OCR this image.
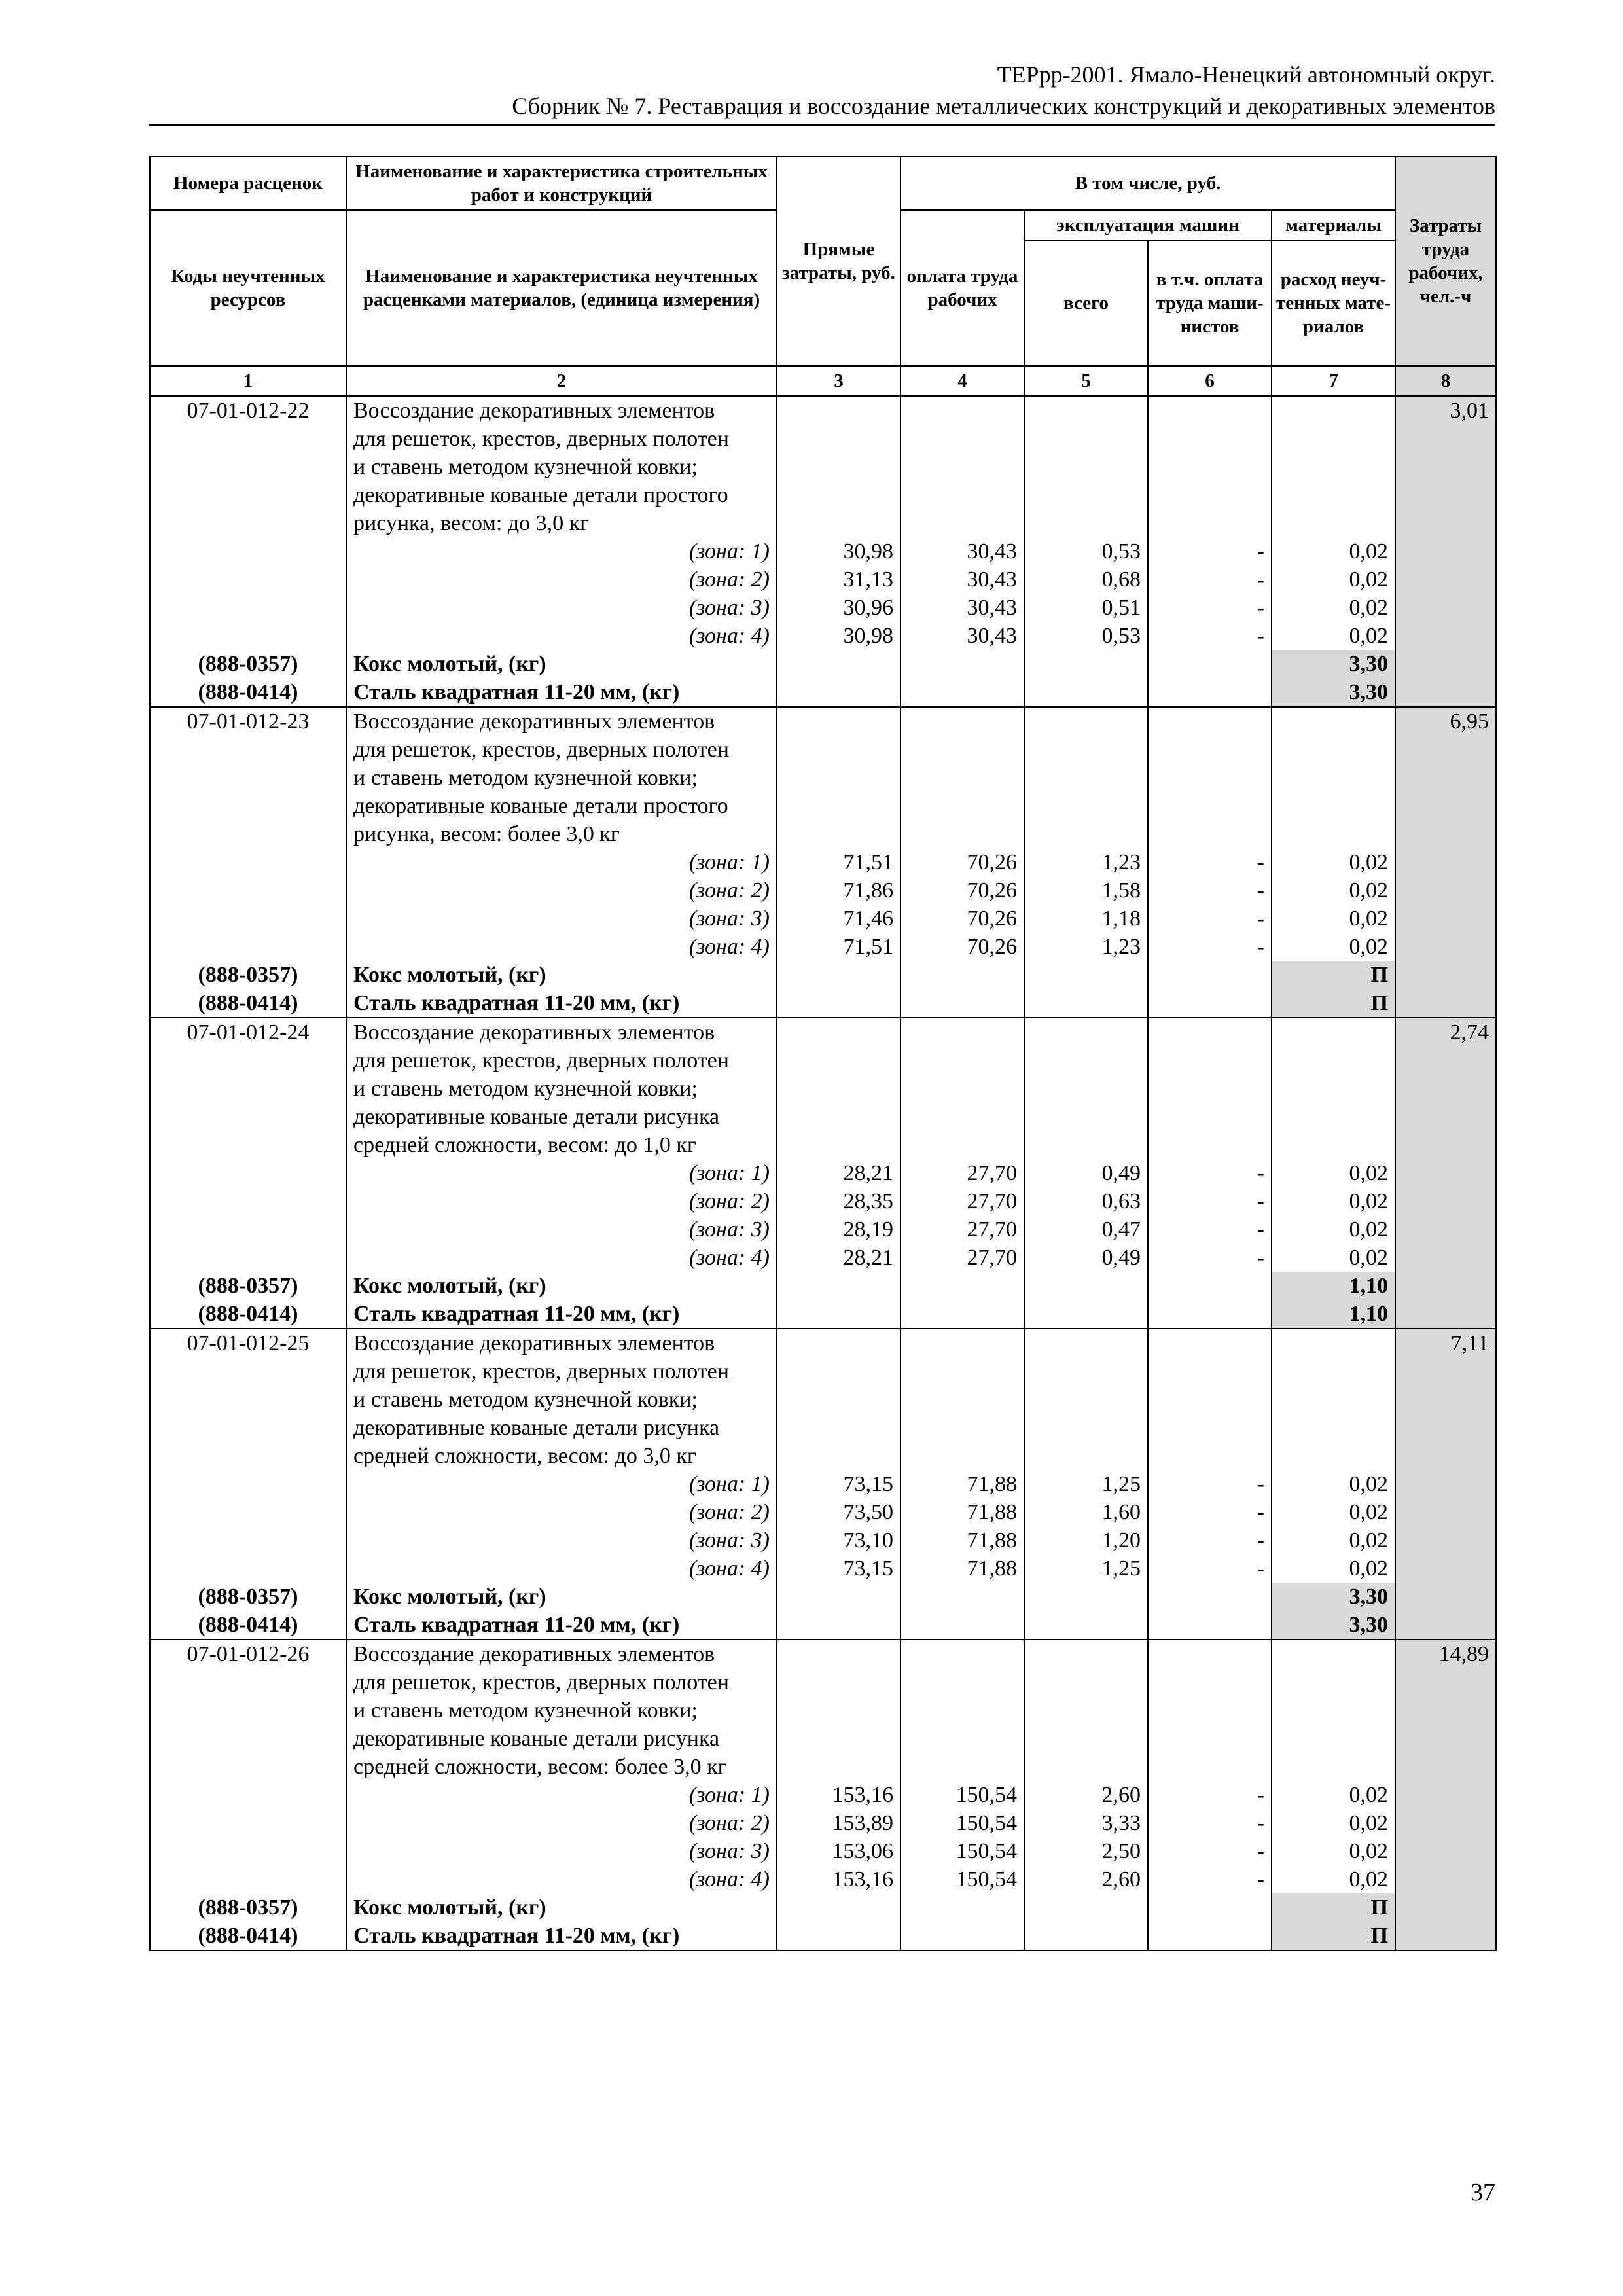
ТЕРрр-2001. Ямало-Ненецкий автономный округ.
Сборник № 7. Реставрация и воссоздание металлических конструкций и декоративных элементов
Номера расценок	Наименование и характеристика строительных работ и конструкций	Прямые затраты, руб.	В том числе, руб.				Затраты труда рабочих, чел.-ч
Коды неучтенных ресурсов	Наименование и характеристика неучтенных расценками материалов, (единица измерения)		оплата труда рабочих	эксплуатация машин		материалы	
				всего	в т.ч. оплата труда маши-нистов	расход неуч-тенных мате-риалов	
1	2	3	4	5	6	7	8
07-01-012-22	Воссоздание декоративных элементов						3,01
	для решеток, крестов, дверных полотен						
	и ставень методом кузнечной ковки;						
	декоративные кованые детали простого						
	рисунка, весом: до 3,0 кг						
	(зона: 1)	30,98	30,43	0,53	-	0,02	
	(зона: 2)	31,13	30,43	0,68	-	0,02	
	(зона: 3)	30,96	30,43	0,51	-	0,02	
	(зона: 4)	30,98	30,43	0,53	-	0,02	
(888-0357)	Кокс молотый, (кг)					3,30	
(888-0414)	Сталь квадратная 11-20 мм, (кг)					3,30	
07-01-012-23	Воссоздание декоративных элементов						6,95
	для решеток, крестов, дверных полотен						
	и ставень методом кузнечной ковки;						
	декоративные кованые детали простого						
	рисунка, весом: более 3,0 кг						
	(зона: 1)	71,51	70,26	1,23	-	0,02	
	(зона: 2)	71,86	70,26	1,58	-	0,02	
	(зона: 3)	71,46	70,26	1,18	-	0,02	
	(зона: 4)	71,51	70,26	1,23	-	0,02	
(888-0357)	Кокс молотый, (кг)					П	
(888-0414)	Сталь квадратная 11-20 мм, (кг)					П	
07-01-012-24	Воссоздание декоративных элементов						2,74
	для решеток, крестов, дверных полотен						
	и ставень методом кузнечной ковки;						
	декоративные кованые детали рисунка						
	средней сложности, весом: до 1,0 кг						
	(зона: 1)	28,21	27,70	0,49	-	0,02	
	(зона: 2)	28,35	27,70	0,63	-	0,02	
	(зона: 3)	28,19	27,70	0,47	-	0,02	
	(зона: 4)	28,21	27,70	0,49	-	0,02	
(888-0357)	Кокс молотый, (кг)					1,10	
(888-0414)	Сталь квадратная 11-20 мм, (кг)					1,10	
07-01-012-25	Воссоздание декоративных элементов						7,11
	для решеток, крестов, дверных полотен						
	и ставень методом кузнечной ковки;						
	декоративные кованые детали рисунка						
	средней сложности, весом: до 3,0 кг						
	(зона: 1)	73,15	71,88	1,25	-	0,02	
	(зона: 2)	73,50	71,88	1,60	-	0,02	
	(зона: 3)	73,10	71,88	1,20	-	0,02	
	(зона: 4)	73,15	71,88	1,25	-	0,02	
(888-0357)	Кокс молотый, (кг)					3,30	
(888-0414)	Сталь квадратная 11-20 мм, (кг)					3,30	
07-01-012-26	Воссоздание декоративных элементов						14,89
	для решеток, крестов, дверных полотен						
	и ставень методом кузнечной ковки;						
	декоративные кованые детали рисунка						
	средней сложности, весом: более 3,0 кг						
	(зона: 1)	153,16	150,54	2,60	-	0,02	
	(зона: 2)	153,89	150,54	3,33	-	0,02	
	(зона: 3)	153,06	150,54	2,50	-	0,02	
	(зона: 4)	153,16	150,54	2,60	-	0,02	
(888-0357)	Кокс молотый, (кг)					П	
(888-0414)	Сталь квадратная 11-20 мм, (кг)					П	
37
